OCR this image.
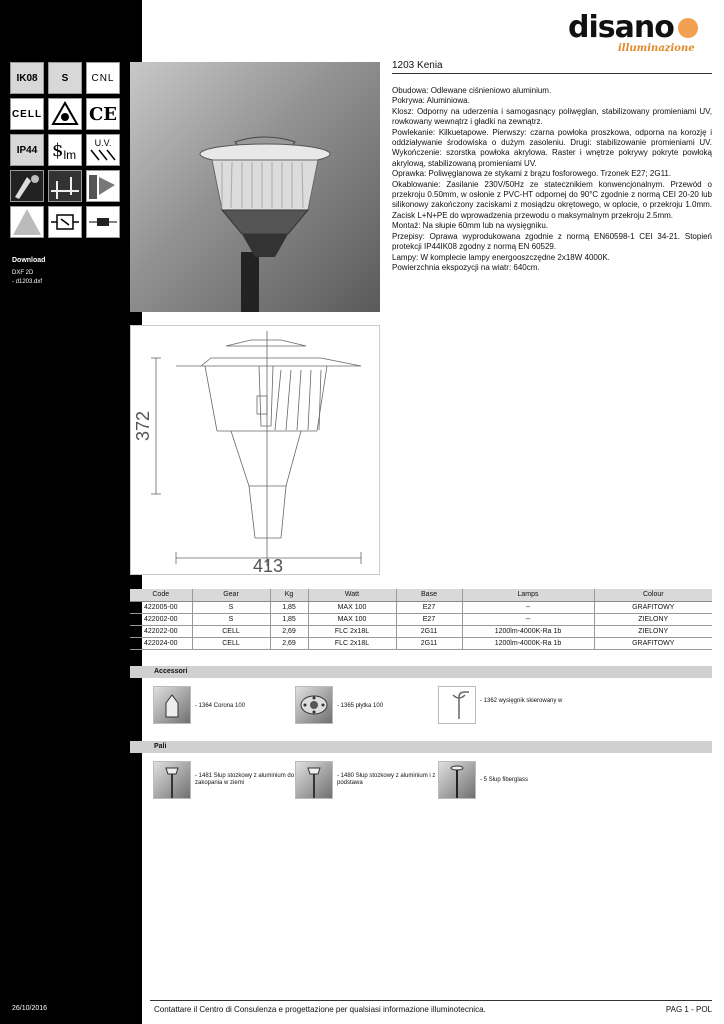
IK08 S CNL
CELL	CE
IP44 $ lm
U.V.
Download
DXF 2D
- d1203.dxf
26/10/2016
disano
illuminazione
1203 Kenia

Obudowa: Odlewane ciśnieniowo aluminium.

Pokrywa: Aluminiowa.

Klosz: Odporny na uderzenia i samogasnący poliwęglan, stabilizowany promieniami UV, rowkowany wewnątrz i gładki na zewnątrz.

Powlekanie: Kilkuetapowe. Pierwszy: czarna powłoka proszkowa, odporna na korozję i oddziaływanie środowiska o dużym zasoleniu. Drugi: stabilizowanie promieniami UV. Wykończenie: szorstka powłoka akrylowa. Raster i wnętrze pokrywy pokryte powłoką akrylową, stabilizowaną promieniami UV.

Oprawka: Poliwęglanowa ze stykami z brązu fosforowego. Trzonek E27; 2G11.

Okablowanie: Zasilanie 230V/50Hz ze statecznikiem konwencjonalnym. Przewód o przekroju 0.50mm, w osłonie z PVC-HT odpornej do 90°C zgodnie z normą CEI 20-20 lub silikonowy zakończony zaciskami z mosiądzu okrętowego, w oplocie, o przekroju 1.0mm. Zacisk L+N+PE do wprowadzenia przewodu o maksymalnym przekroju 2.5mm.

Montaż: Na słupie 60mm lub na wysięgniku.

Przepisy: Oprawa wyprodukowana zgodnie z normą EN60598-1 CEI 34-21. Stopień protekcji IP44IK08 zgodny z normą EN 60529.

Lampy: W komplecie lampy energooszczędne 2x18W 4000K.

Powierzchnia ekspozycji na wiatr: 640cm.

372
413
Code	Gear	Kg	Watt	Base	Lamps	Colour
422005-00	S	1,85	MAX 100	E27	--	GRAFITOWY
422002-00	S	1,85	MAX 100	E27	--	ZIELONY
422022-00	CELL	2,69	FLC 2x18L	2G11	1200lm-4000K-Ra 1b	ZIELONY
422024-00	CELL	2,69	FLC 2x18L	2G11	1200lm-4000K-Ra 1b	GRAFITOWY
Accessori
- 1364 Corona 100	- 1365 płytka 100
- 1362 wysięgnik skierowany w
Pali
- 1481 Słup stozkowy z aluminium do zakopania w ziemi
- 1480 Słup stozkowy z aluminium i z podstawa	- 5 Słup fiberglass
Contattare il Centro di Consulenza e progettazione per qualsiasi informazione illuminotecnica.	PAG 1 - POL
